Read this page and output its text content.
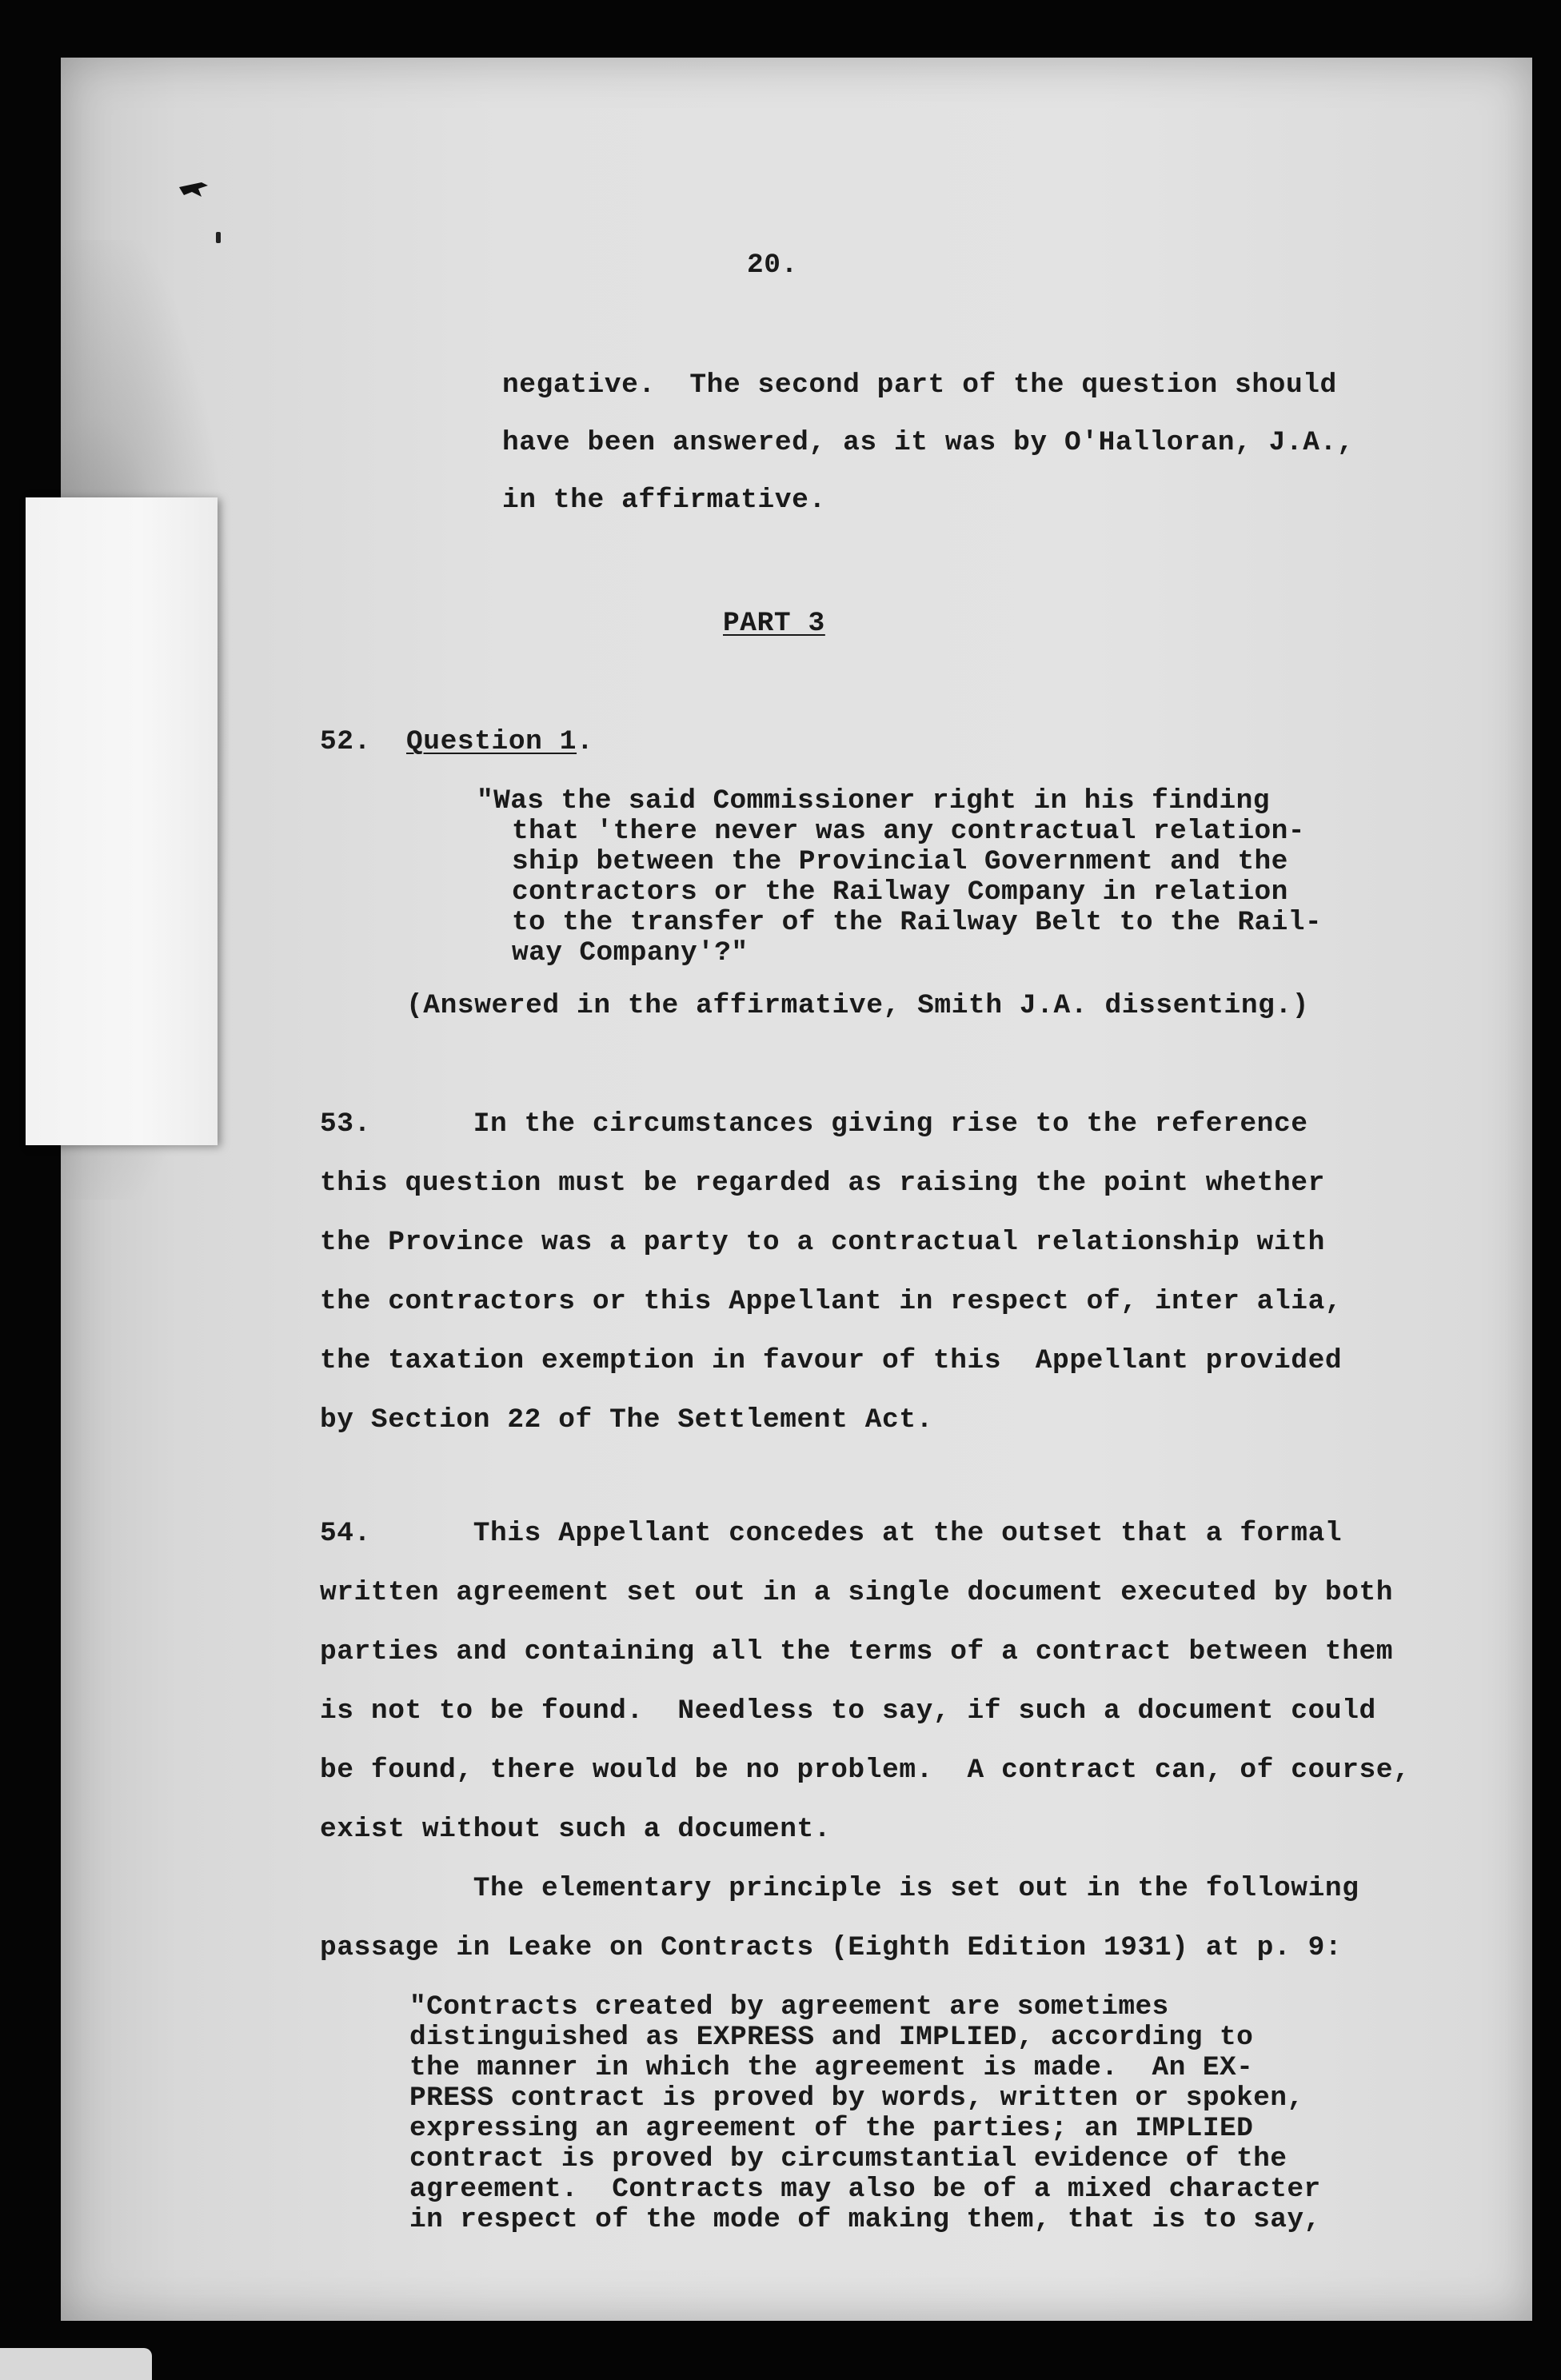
20.
negative.  The second part of the question should
have been answered, as it was by O'Halloran, J.A.,
in the affirmative.
PART 3
52. Question 1.
"Was the said Commissioner right in his finding
that 'there never was any contractual relation-
ship between the Provincial Government and the
contractors or the Railway Company in relation
to the transfer of the Railway Belt to the Rail-
way Company'?"
(Answered in the affirmative, Smith J.A. dissenting.)
53.      In the circumstances giving rise to the reference
this question must be regarded as raising the point whether
the Province was a party to a contractual relationship with
the contractors or this Appellant in respect of, inter alia,
the taxation exemption in favour of this  Appellant provided
by Section 22 of The Settlement Act.
54.      This Appellant concedes at the outset that a formal
written agreement set out in a single document executed by both
parties and containing all the terms of a contract between them
is not to be found.  Needless to say, if such a document could
be found, there would be no problem.  A contract can, of course,
exist without such a document.
The elementary principle is set out in the following
passage in Leake on Contracts (Eighth Edition 1931) at p. 9:
"Contracts created by agreement are sometimes
distinguished as EXPRESS and IMPLIED, according to
the manner in which the agreement is made.  An EX-
PRESS contract is proved by words, written or spoken,
expressing an agreement of the parties; an IMPLIED
contract is proved by circumstantial evidence of the
agreement.  Contracts may also be of a mixed character
in respect of the mode of making them, that is to say,
